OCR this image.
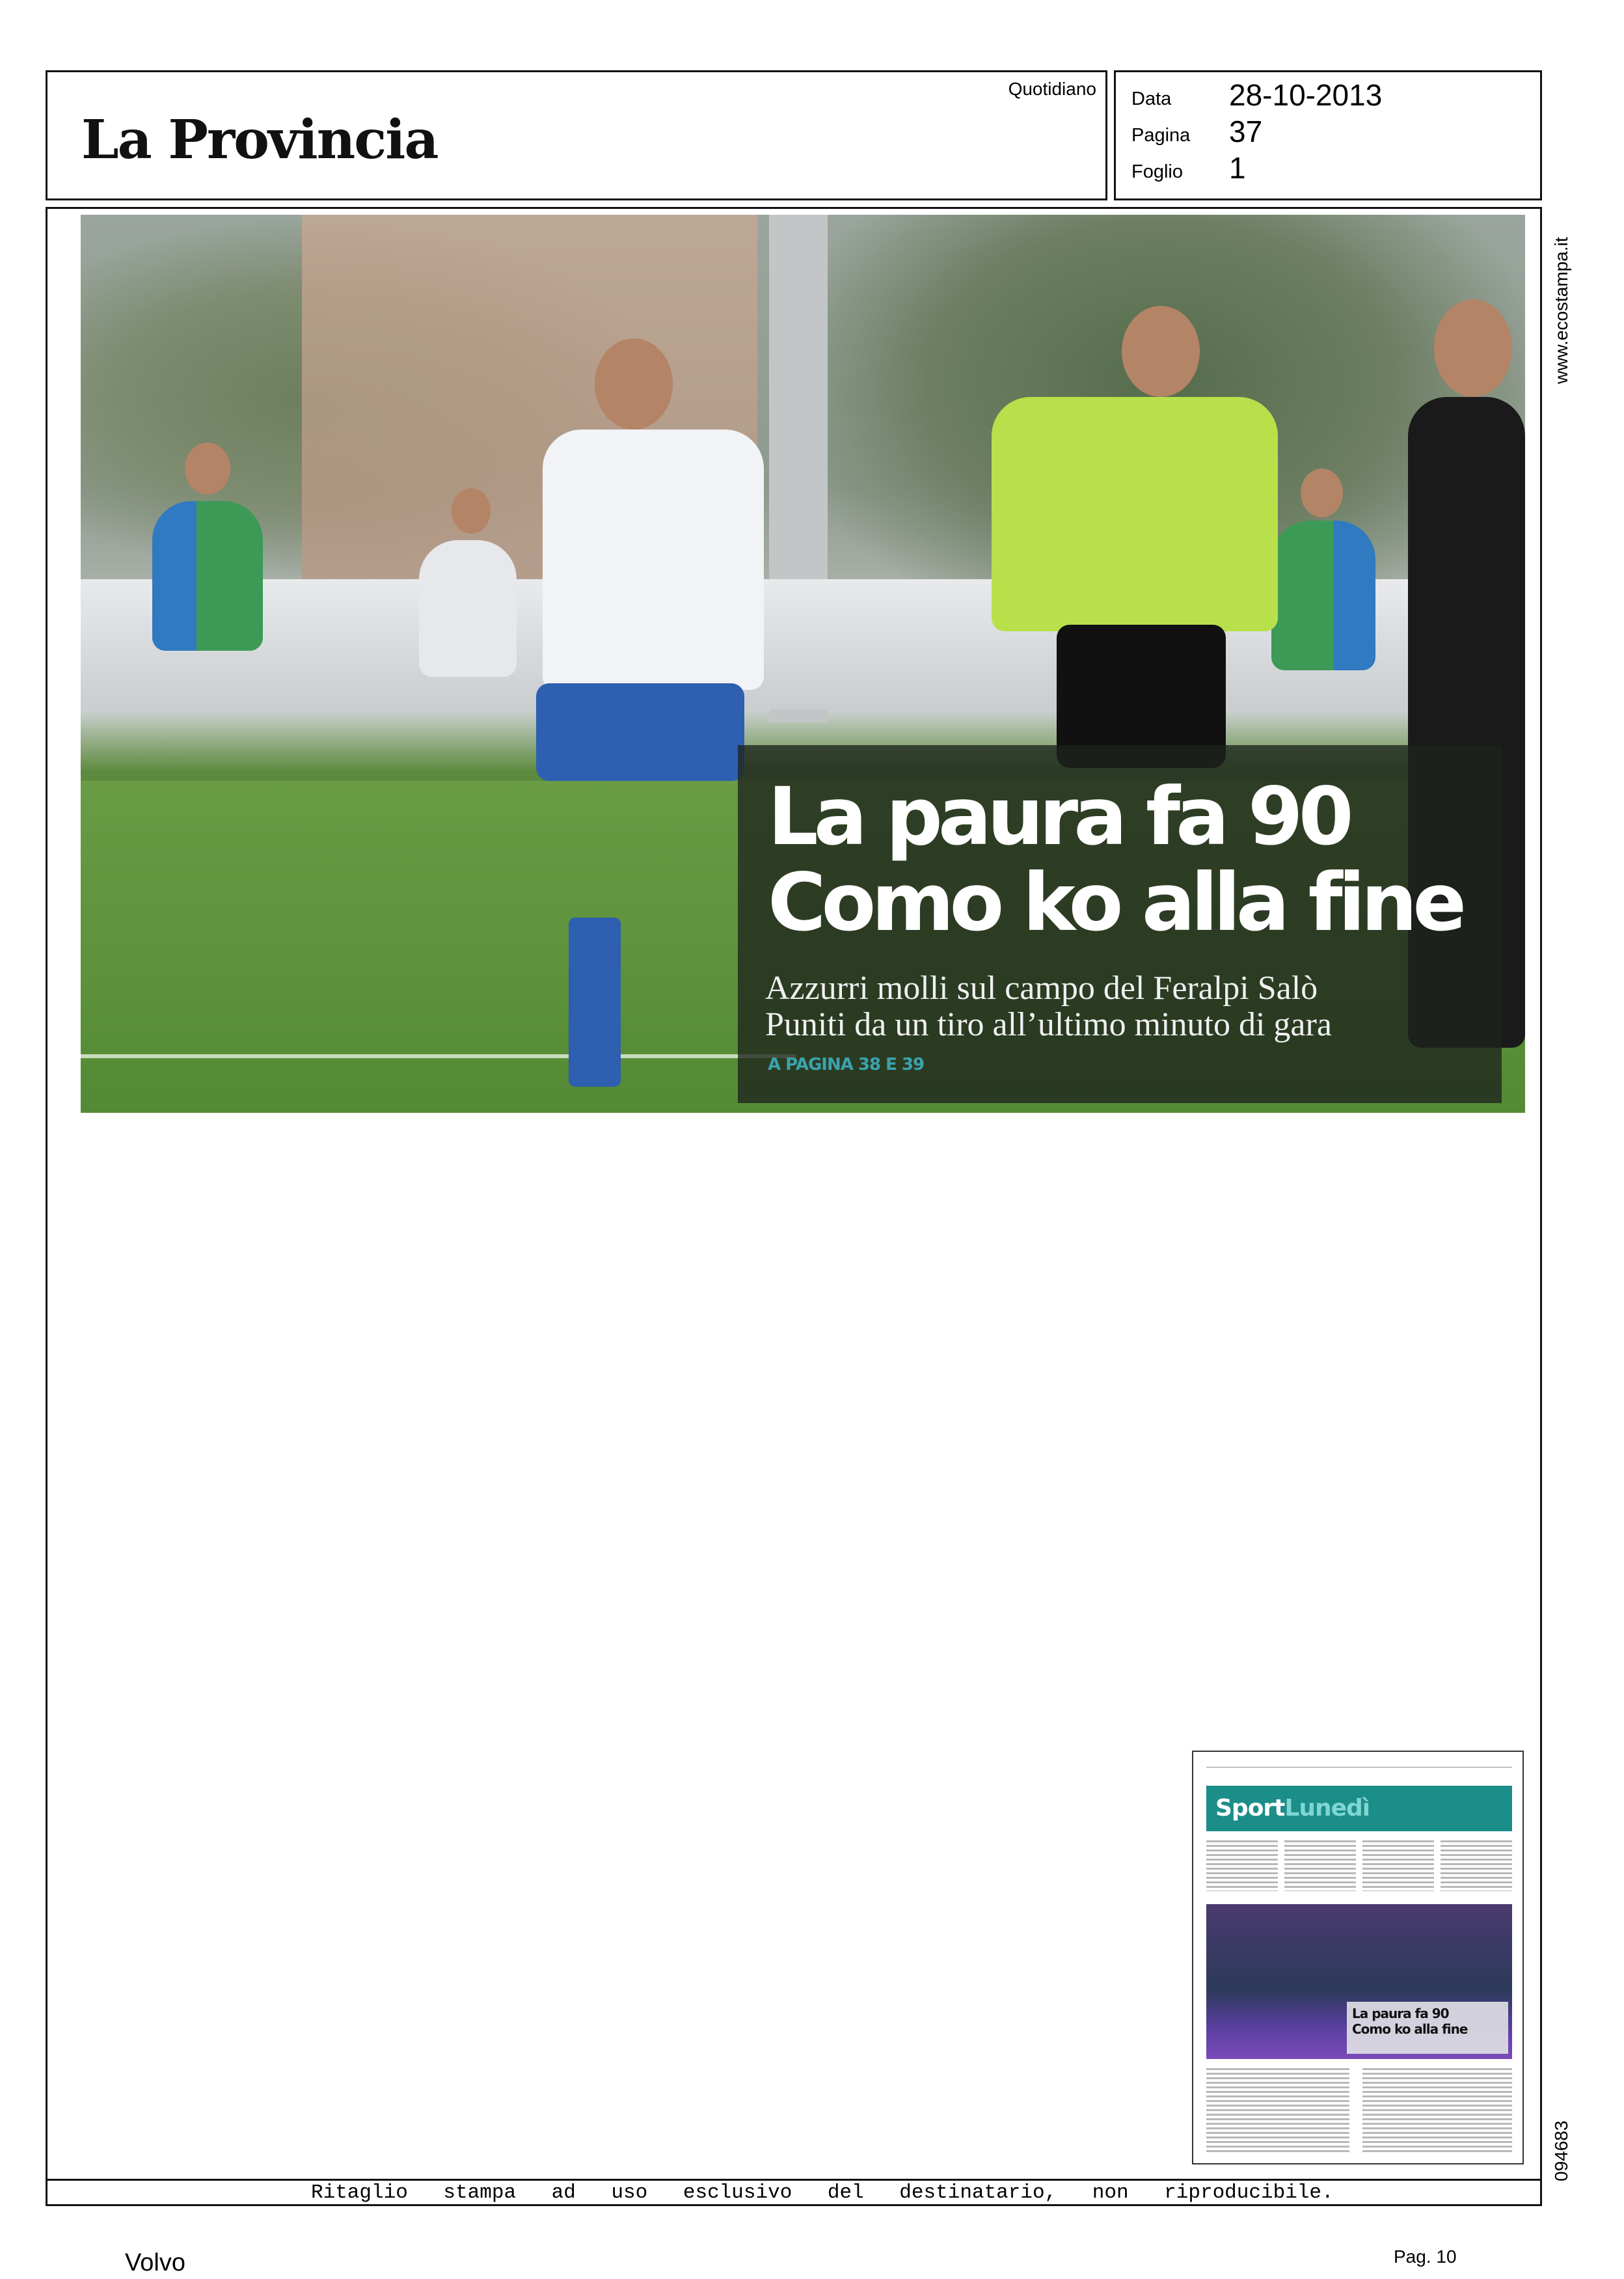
La Provincia
Quotidiano Data 28-10-2013
Pagina 37
Foglio 1
Ritaglio stampa ad uso esclusivo del destinatario, non riproducibile.
www.ecostampa.it
094683
La paura fa 90
Como ko alla fine
Azzurri molli sul campo del Feralpi Salò
Puniti da un tiro all’ultimo minuto di gara
A PAGINA 38 E 39
SportLunedì
La paura fa 90
Como ko alla fine
Volvo	Pag. 10
